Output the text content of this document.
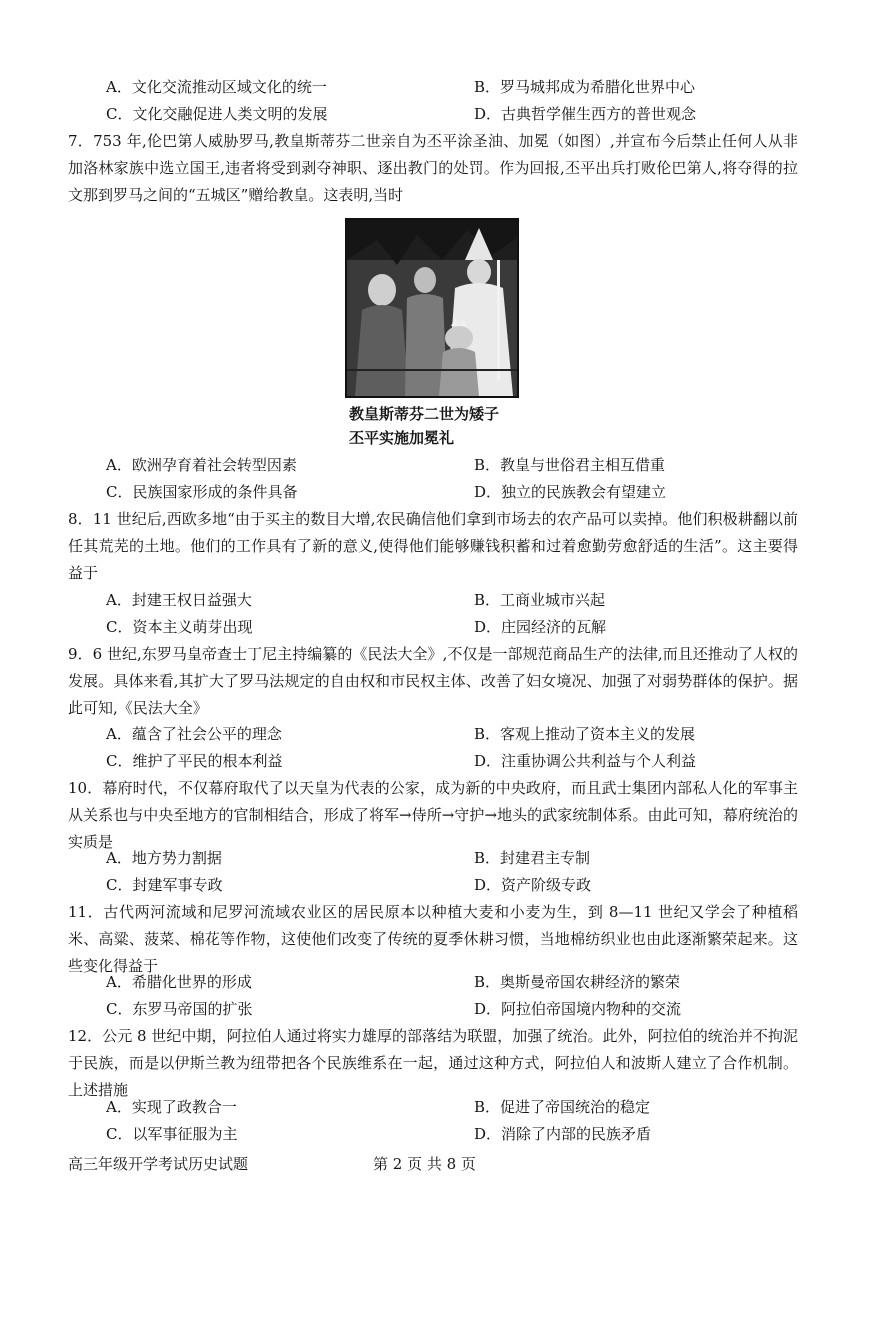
A．文化交流推动区域文化的统一	B．罗马城邦成为希腊化世界中心
C．文化交融促进人类文明的发展	D．古典哲学催生西方的普世观念
7．753 年,伦巴第人威胁罗马,教皇斯蒂芬二世亲自为丕平涂圣油、加冕（如图）,并宣布今后禁止任何人从非加洛林家族中选立国王,违者将受到剥夺神职、逐出教门的处罚。作为回报,丕平出兵打败伦巴第人,将夺得的拉文那到罗马之间的“五城区”赠给教皇。这表明,当时
教皇斯蒂芬二世为矮子
丕平实施加冕礼
A．欧洲孕育着社会转型因素	B．教皇与世俗君主相互借重
C．民族国家形成的条件具备	D．独立的民族教会有望建立
8．11 世纪后,西欧多地“由于买主的数目大增,农民确信他们拿到市场去的农产品可以卖掉。他们积极耕翻以前任其荒芜的土地。他们的工作具有了新的意义,使得他们能够赚钱积蓄和过着愈勤劳愈舒适的生活”。这主要得益于
A．封建王权日益强大	B．工商业城市兴起
C．资本主义萌芽出现	D．庄园经济的瓦解
9．6 世纪,东罗马皇帝查士丁尼主持编纂的《民法大全》,不仅是一部规范商品生产的法律,而且还推动了人权的发展。具体来看,其扩大了罗马法规定的自由权和市民权主体、改善了妇女境况、加强了对弱势群体的保护。据此可知,《民法大全》
A．蕴含了社会公平的理念	B．客观上推动了资本主义的发展
C．维护了平民的根本利益	D．注重协调公共利益与个人利益
10．幕府时代，不仅幕府取代了以天皇为代表的公家，成为新的中央政府，而且武士集团内部私人化的军事主从关系也与中央至地方的官制相结合，形成了将军→侍所→守护→地头的武家统制体系。由此可知，幕府统治的实质是
A．地方势力割据	B．封建君主专制
C．封建军事专政	D．资产阶级专政
11．古代两河流域和尼罗河流域农业区的居民原本以种植大麦和小麦为生，到 8—11 世纪又学会了种植稻米、高粱、菠菜、棉花等作物，这使他们改变了传统的夏季休耕习惯，当地棉纺织业也由此逐渐繁荣起来。这些变化得益于
A．希腊化世界的形成	B．奥斯曼帝国农耕经济的繁荣
C．东罗马帝国的扩张	D．阿拉伯帝国境内物种的交流
12．公元 8 世纪中期，阿拉伯人通过将实力雄厚的部落结为联盟，加强了统治。此外，阿拉伯的统治并不拘泥于民族，而是以伊斯兰教为纽带把各个民族维系在一起，通过这种方式，阿拉伯人和波斯人建立了合作机制。上述措施
A．实现了政教合一	B．促进了帝国统治的稳定
C．以军事征服为主	D．消除了内部的民族矛盾
高三年级开学考试历史试题	第 2 页 共 8 页
